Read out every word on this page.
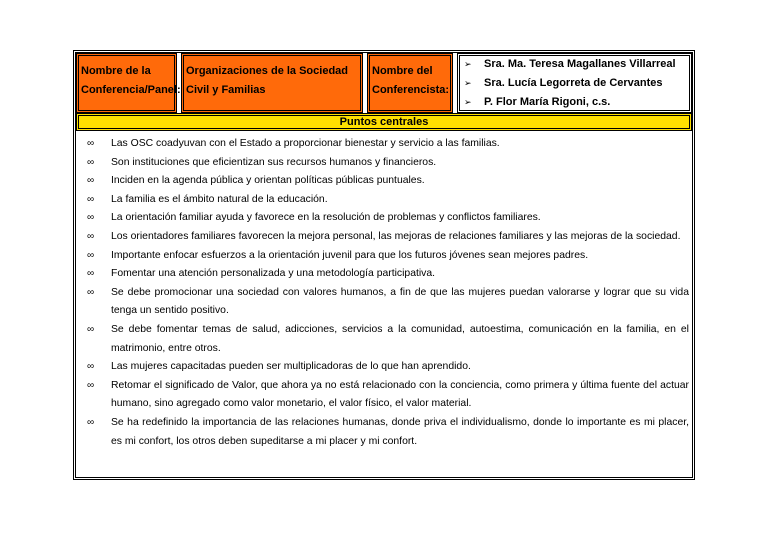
Nombre de la
Conferencia/Panel:
Organizaciones de la Sociedad
Civil y Familias
Nombre del
Conferencista:
➢ Sra. Ma. Teresa Magallanes Villarreal
➢ Sra. Lucía Legorreta de Cervantes
➢ P. Flor María Rigoni, c.s.
Puntos centrales
∞ Las OSC coadyuvan con el Estado a proporcionar bienestar y servicio a las familias.
∞ Son instituciones que eficientizan sus recursos humanos y financieros.
∞ Inciden en la agenda pública y orientan políticas públicas puntuales.
∞ La familia es el ámbito natural de la educación.
∞ La orientación familiar ayuda y favorece en la resolución de problemas y conflictos familiares.
∞ Los orientadores familiares favorecen la mejora personal, las mejoras de relaciones familiares y las mejoras de la sociedad.
∞ Importante enfocar esfuerzos a la orientación juvenil para que los futuros jóvenes sean mejores padres.
∞ Fomentar una atención personalizada y una metodología participativa.
∞ Se debe promocionar una sociedad con valores humanos, a fin de que las mujeres puedan valorarse y lograr que su vida tenga un sentido positivo.
∞ Se debe fomentar temas de salud, adicciones, servicios a la comunidad, autoestima, comunicación en la familia, en el matrimonio, entre otros.
∞ Las mujeres capacitadas pueden ser multiplicadoras de lo que han aprendido.
∞ Retomar el significado de Valor, que ahora ya no está relacionado con la conciencia, como primera y última fuente del actuar humano, sino agregado como valor monetario, el valor físico, el valor material.
∞ Se ha redefinido la importancia de las relaciones humanas, donde priva el individualismo, donde lo importante es mi placer, es mi confort, los otros deben supeditarse a mi placer y mi confort.
